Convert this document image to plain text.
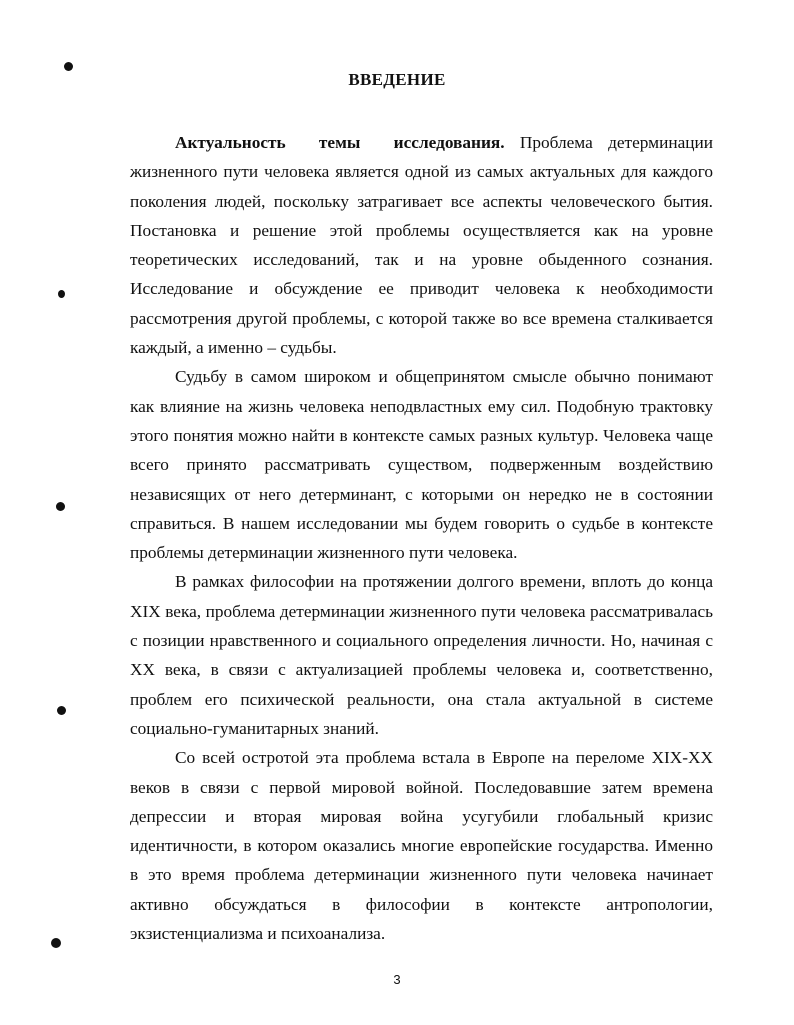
ВВЕДЕНИЕ

Актуальность темы исследования. Проблема детерминации жизненного пути человека является одной из самых актуальных для каждого поколения людей, поскольку затрагивает все аспекты человеческого бытия. Постановка и решение этой проблемы осуществляется как на уровне теоретических исследований, так и на уровне обыденного сознания. Исследование и обсуждение ее приводит человека к необходимости рассмотрения другой проблемы, с которой также во все времена сталкивается каждый, а именно – судьбы.

Судьбу в самом широком и общепринятом смысле обычно понимают как влияние на жизнь человека неподвластных ему сил. Подобную трактовку этого понятия можно найти в контексте самых разных культур. Человека чаще всего принято рассматривать существом, подверженным воздействию независящих от него детерминант, с которыми он нередко не в состоянии справиться. В нашем исследовании мы будем говорить о судьбе в контексте проблемы детерминации жизненного пути человека.

В рамках философии на протяжении долгого времени, вплоть до конца XIX века, проблема детерминации жизненного пути человека рассматривалась с позиции нравственного и социального определения личности. Но, начиная с XX века, в связи с актуализацией проблемы человека и, соответственно, проблем его психической реальности, она стала актуальной в системе социально-гуманитарных знаний.

Со всей остротой эта проблема встала в Европе на переломе XIX-XX веков в связи с первой мировой войной. Последовавшие затем времена депрессии и вторая мировая война усугубили глобальный кризис идентичности, в котором оказались многие европейские государства. Именно в это время проблема детерминации жизненного пути человека начинает активно обсуждаться в философии в контексте антропологии, экзистенциализма и психоанализа.

3
